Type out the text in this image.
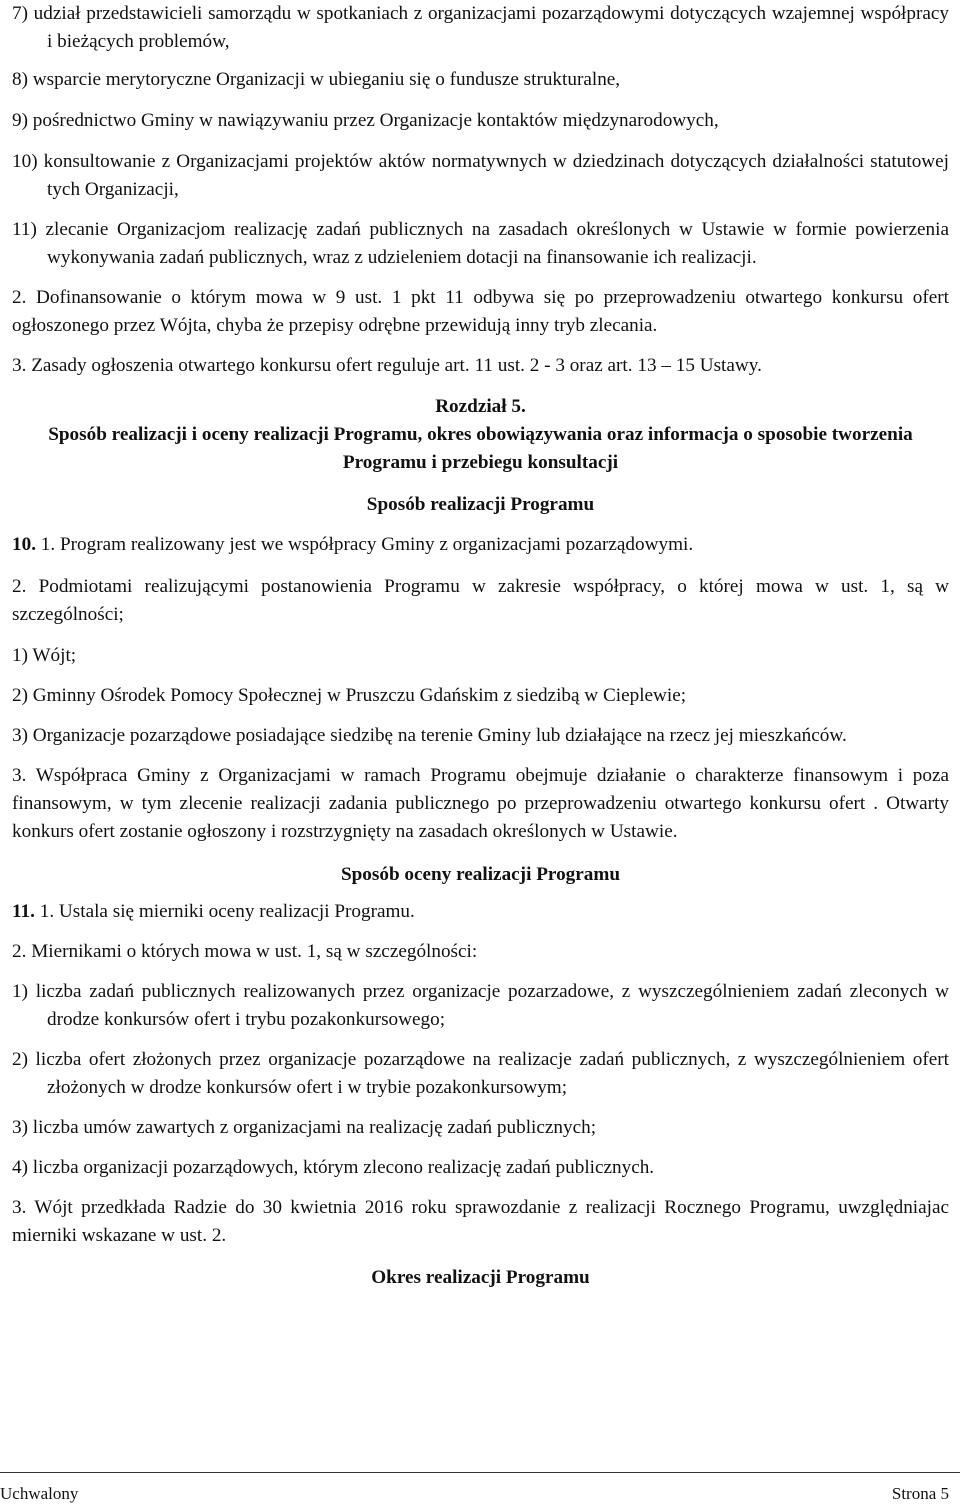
7) udział przedstawicieli samorządu w spotkaniach z organizacjami pozarządowymi dotyczących wzajemnej współpracy i bieżących problemów,

8) wsparcie merytoryczne Organizacji w ubieganiu się o fundusze strukturalne,

9) pośrednictwo Gminy w nawiązywaniu przez Organizacje kontaktów międzynarodowych,

10) konsultowanie z Organizacjami projektów aktów normatywnych w dziedzinach dotyczących działalności statutowej tych Organizacji,

11) zlecanie Organizacjom realizację zadań publicznych na zasadach określonych w Ustawie w formie powierzenia wykonywania zadań publicznych, wraz z udzieleniem dotacji na finansowanie ich realizacji.

2. Dofinansowanie o którym mowa w 9 ust. 1 pkt 11 odbywa się po przeprowadzeniu otwartego konkursu ofert ogłoszonego przez Wójta, chyba że przepisy odrębne przewidują inny tryb zlecania.

3. Zasady ogłoszenia otwartego konkursu ofert reguluje art. 11 ust. 2 - 3 oraz art. 13 – 15 Ustawy.

Rozdział 5.

Sposób realizacji i oceny realizacji Programu, okres obowiązywania oraz informacja o sposobie tworzenia Programu i przebiegu konsultacji

Sposób realizacji Programu

10. 1. Program realizowany jest we współpracy Gminy z organizacjami pozarządowymi.

2. Podmiotami realizującymi postanowienia Programu w zakresie współpracy, o której mowa w ust. 1, są w szczególności;

1) Wójt;

2) Gminny Ośrodek Pomocy Społecznej w Pruszczu Gdańskim z siedzibą w Cieplewie;

3) Organizacje pozarządowe posiadające siedzibę na terenie Gminy lub działające na rzecz jej mieszkańców.

3. Współpraca Gminy z Organizacjami w ramach Programu obejmuje działanie o charakterze finansowym i poza finansowym, w tym zlecenie realizacji zadania publicznego po przeprowadzeniu otwartego konkursu ofert . Otwarty konkurs ofert zostanie ogłoszony i rozstrzygnięty na zasadach określonych w Ustawie.

Sposób oceny realizacji Programu

11. 1. Ustala się mierniki oceny realizacji Programu.

2. Miernikami o których mowa w ust. 1, są w szczególności:

1) liczba zadań publicznych realizowanych przez organizacje pozarzadowe, z wyszczególnieniem zadań zleconych w drodze konkursów ofert i trybu pozakonkursowego;

2) liczba ofert złożonych przez organizacje pozarządowe na realizacje zadań publicznych, z wyszczególnieniem ofert złożonych w drodze konkursów ofert i w trybie pozakonkursowym;

3) liczba umów zawartych z organizacjami na realizację zadań publicznych;

4) liczba organizacji pozarządowych, którym zlecono realizację zadań publicznych.

3. Wójt przedkłada Radzie do 30 kwietnia 2016 roku sprawozdanie z realizacji Rocznego Programu, uwzględniajac mierniki wskazane w ust. 2.

Okres realizacji Programu

Uchwalony	Strona 5
